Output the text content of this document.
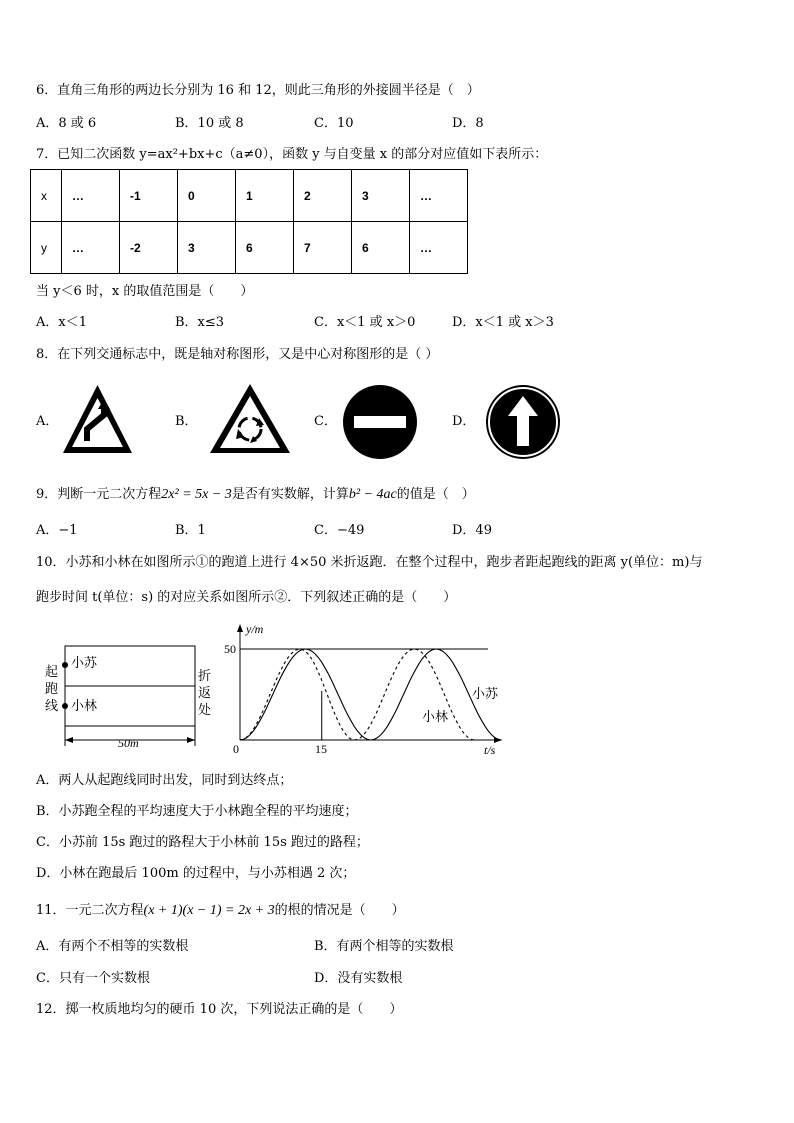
6．直角三角形的两边长分别为 16 和 12，则此三角形的外接圆半径是（　）
A．8 或 6	B．10 或 8	C．10	D．8
7．已知二次函数 y=ax²+bx+c（a≠0），函数 y 与自变量 x 的部分对应值如下表所示：
x	…	-1	0	1	2	3	…
y	…	-2	3	6	7	6	…
当 y＜6 时，x 的取值范围是（　　）
A．x＜1	B．x≤3	C．x＜1 或 x＞0	D．x＜1 或 x＞3
8．在下列交通标志中，既是轴对称图形，又是中心对称图形的是（ ）
A．	B．	C．	D．
9．判断一元二次方程2x² = 5x − 3是否有实数解，计算b² − 4ac的值是（　）
A．−1	B．1	C．−49	D．49
10．小苏和小林在如图所示①的跑道上进行 4×50 米折返跑．在整个过程中，跑步者距起跑线的距离 y(单位：m)与
跑步时间 t(单位：s) 的对应关系如图所示②．下列叙述正确的是（　　）
起
跑
线
折
返
处
小苏
小林
50m
y/m
t/s
0
50
15
小苏
小林
A．两人从起跑线同时出发，同时到达终点；
B．小苏跑全程的平均速度大于小林跑全程的平均速度；
C．小苏前 15s 跑过的路程大于小林前 15s 跑过的路程；
D．小林在跑最后 100m 的过程中，与小苏相遇 2 次；
11．一元二次方程(x + 1)(x − 1) = 2x + 3的根的情况是（　　）
A．有两个不相等的实数根	B．有两个相等的实数根
C．只有一个实数根	D．没有实数根
12．掷一枚质地均匀的硬币 10 次，下列说法正确的是（　　）
